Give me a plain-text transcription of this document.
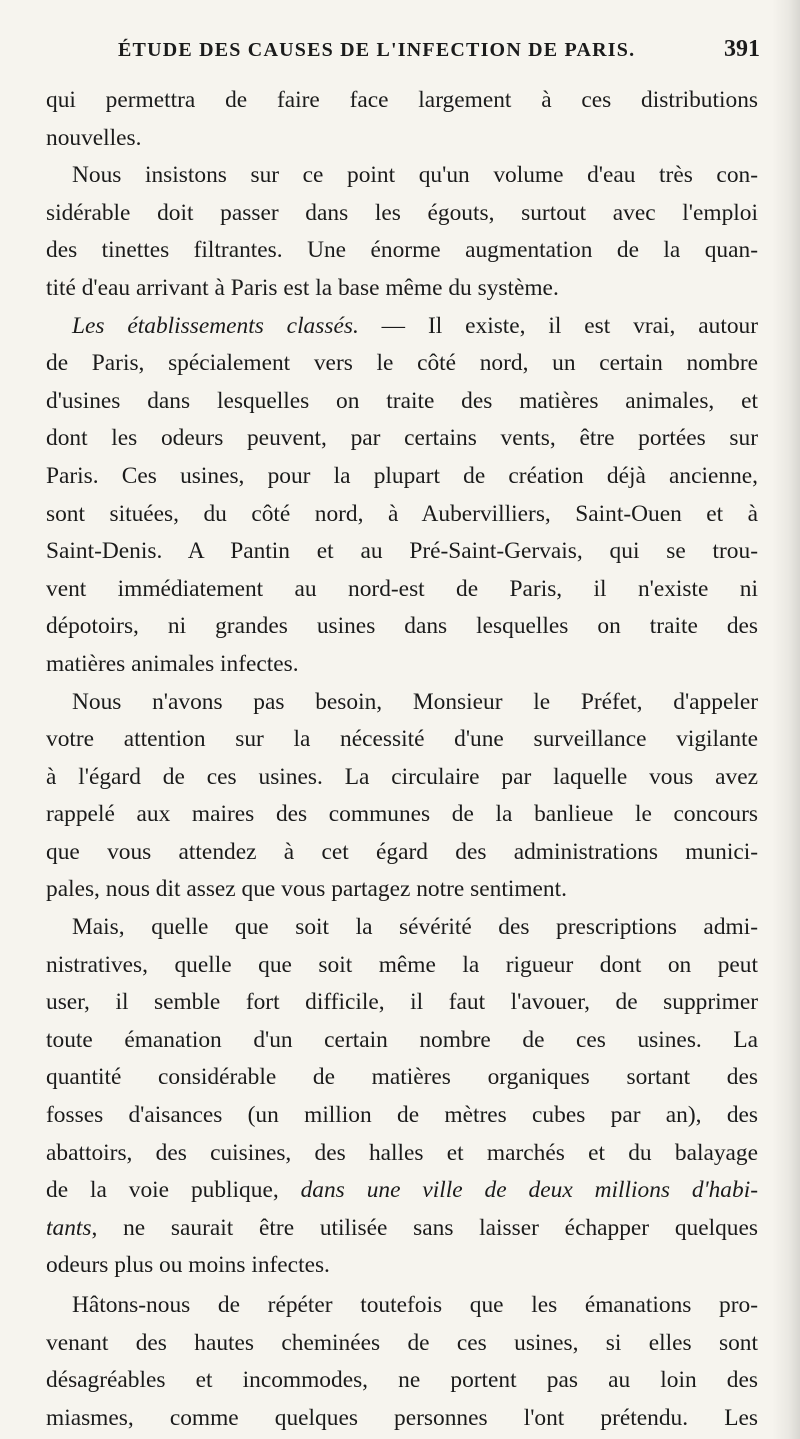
ÉTUDE DES CAUSES DE L'INFECTION DE PARIS.	391
qui permettra de faire face largement à ces distributions
nouvelles.
Nous insistons sur ce point qu'un volume d'eau très con-
sidérable doit passer dans les égouts, surtout avec l'emploi
des tinettes filtrantes. Une énorme augmentation de la quan-
tité d'eau arrivant à Paris est la base même du système.
Les établissements classés. — Il existe, il est vrai, autour
de Paris, spécialement vers le côté nord, un certain nombre
d'usines dans lesquelles on traite des matières animales, et
dont les odeurs peuvent, par certains vents, être portées sur
Paris. Ces usines, pour la plupart de création déjà ancienne,
sont situées, du côté nord, à Aubervilliers, Saint-Ouen et à
Saint-Denis. A Pantin et au Pré-Saint-Gervais, qui se trou-
vent immédiatement au nord-est de Paris, il n'existe ni
dépotoirs, ni grandes usines dans lesquelles on traite des
matières animales infectes.
Nous n'avons pas besoin, Monsieur le Préfet, d'appeler
votre attention sur la nécessité d'une surveillance vigilante
à l'égard de ces usines. La circulaire par laquelle vous avez
rappelé aux maires des communes de la banlieue le concours
que vous attendez à cet égard des administrations munici-
pales, nous dit assez que vous partagez notre sentiment.
Mais, quelle que soit la sévérité des prescriptions admi-
nistratives, quelle que soit même la rigueur dont on peut
user, il semble fort difficile, il faut l'avouer, de supprimer
toute émanation d'un certain nombre de ces usines. La
quantité considérable de matières organiques sortant des
fosses d'aisances (un million de mètres cubes par an), des
abattoirs, des cuisines, des halles et marchés et du balayage
de la voie publique, dans une ville de deux millions d'habi-
tants, ne saurait être utilisée sans laisser échapper quelques
odeurs plus ou moins infectes.
Hâtons-nous de répéter toutefois que les émanations pro-
venant des hautes cheminées de ces usines, si elles sont
désagréables et incommodes, ne portent pas au loin des
miasmes, comme quelques personnes l'ont prétendu. Les
